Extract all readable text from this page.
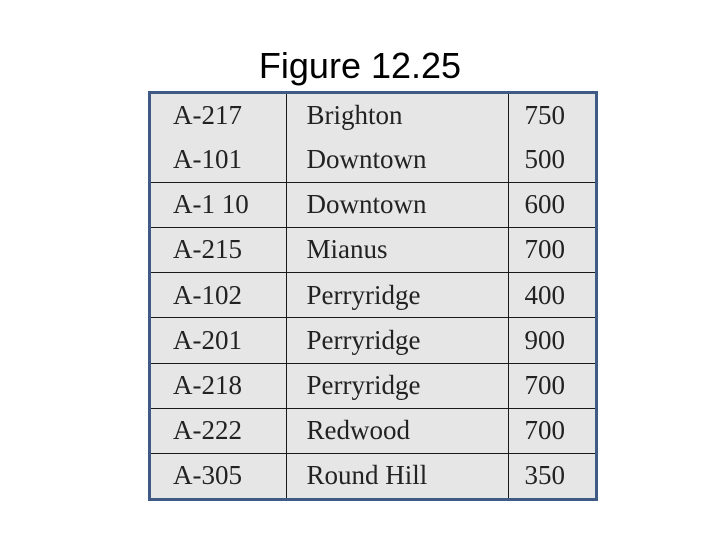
Figure 12.25
A-217	Brighton	750
A-101	Downtown	500
A-1 10	Downtown	600
A-215	Mianus	700
A-102	Perryridge	400
A-201	Perryridge	900
A-218	Perryridge	700
A-222	Redwood	700
A-305	Round Hill	350
